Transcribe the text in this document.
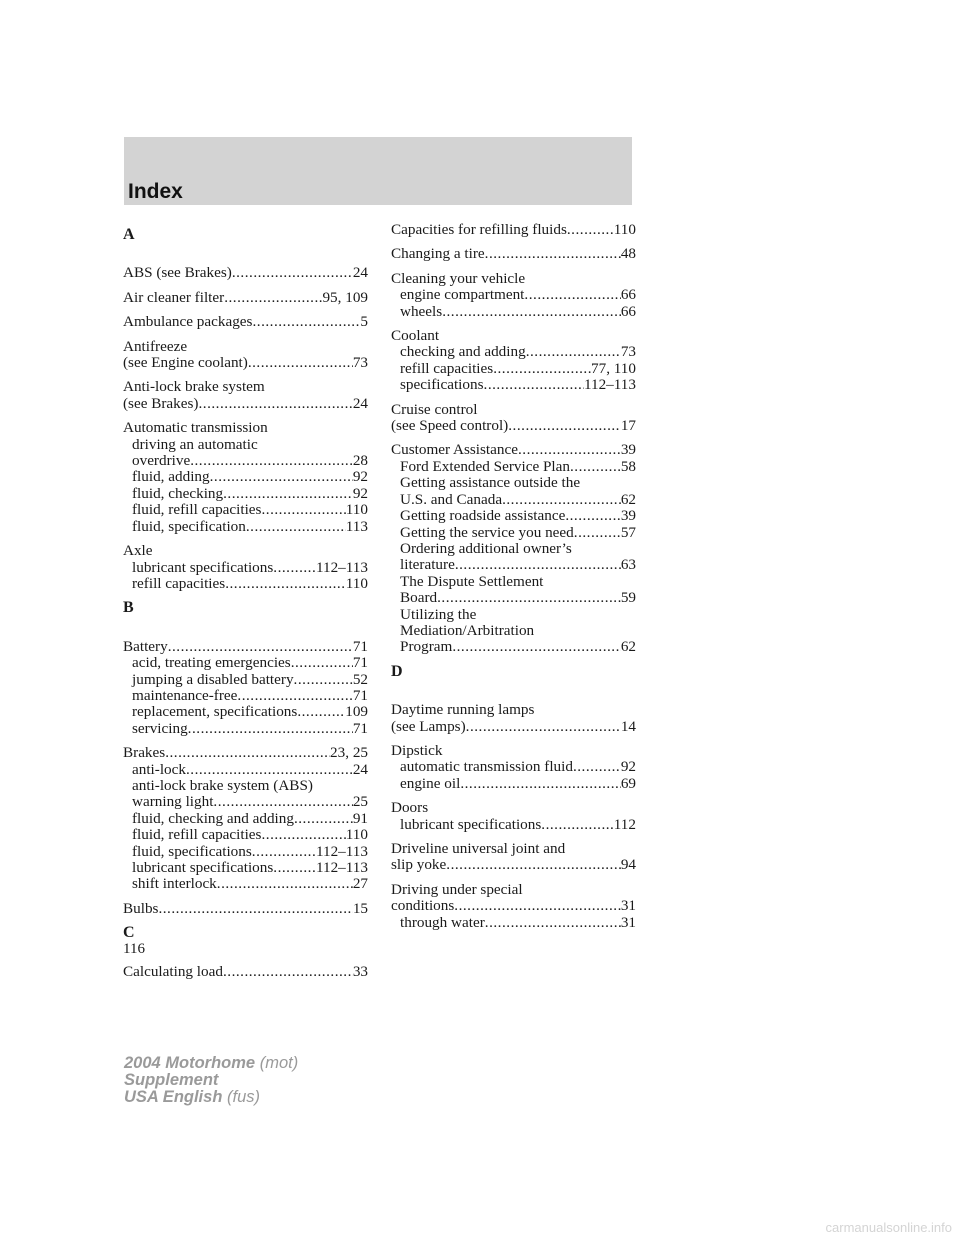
Index
A
ABS (see Brakes) .....	24
Air cleaner filter .....	95, 109
Ambulance packages .....	5
Antifreeze
(see Engine coolant) .....	73
Anti-lock brake system
(see Brakes) .....	24
Automatic transmission
driving an automatic
overdrive .....	28
fluid, adding .....	92
fluid, checking .....	92
fluid, refill capacities .....	110
fluid, specification .....	113
Axle
lubricant specifications .....	112–113
refill capacities .....	110
B
Battery .....	71
acid, treating emergencies .....	71
jumping a disabled battery .....	52
maintenance-free .....	71
replacement, specifications .....	109
servicing .....	71
Brakes .....	23, 25
anti-lock .....	24
anti-lock brake system (ABS)
warning light .....	25
fluid, checking and adding .....	91
fluid, refill capacities .....	110
fluid, specifications .....	112–113
lubricant specifications .....	112–113
shift interlock .....	27
Bulbs .....	15
C
Calculating load .....	33
Capacities for refilling fluids .....	110
Changing a tire .....	48
Cleaning your vehicle
engine compartment .....	66
wheels .....	66
Coolant
checking and adding .....	73
refill capacities .....	77, 110
specifications .....	112–113
Cruise control
(see Speed control) .....	17
Customer Assistance .....	39
Ford Extended Service Plan .....	58
Getting assistance outside the
U.S. and Canada .....	62
Getting roadside assistance .....	39
Getting the service you need .....	57
Ordering additional owner’s
literature .....	63
The Dispute Settlement
Board .....	59
Utilizing the
Mediation/Arbitration
Program .....	62
D
Daytime running lamps
(see Lamps) .....	14
Dipstick
automatic transmission fluid .....	92
engine oil .....	69
Doors
lubricant specifications .....	112
Driveline universal joint and
slip yoke .....	94
Driving under special
conditions .....	31
through water .....	31
116
2004 Motorhome (mot)
Supplement
USA English (fus)
carmanualsonline.info
